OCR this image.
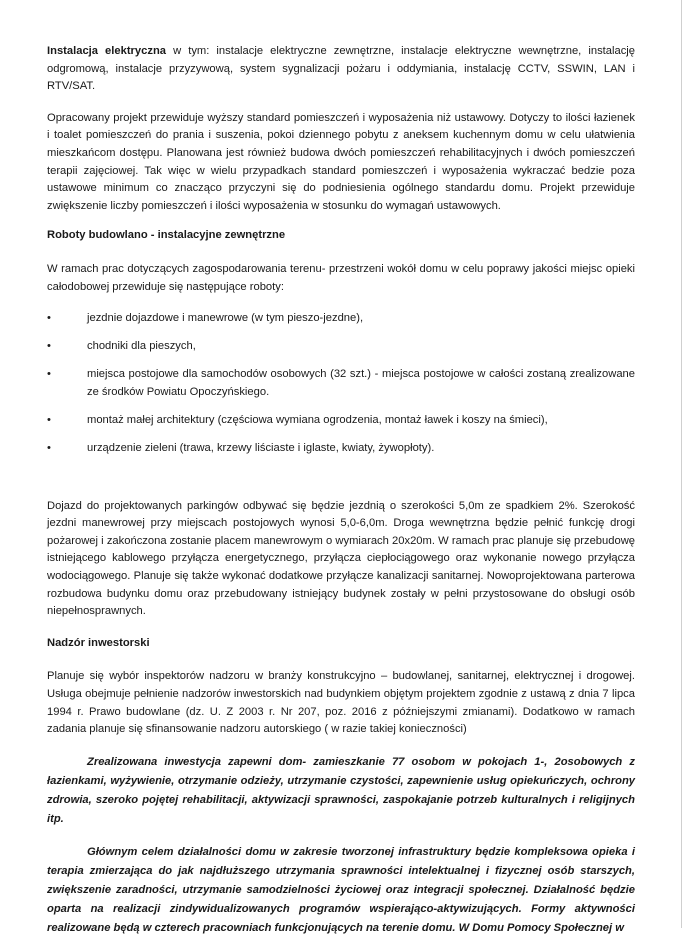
Instalacja elektryczna w tym: instalacje elektryczne zewnętrzne, instalacje elektryczne wewnętrzne, instalację odgromową, instalacje przyzywową, system sygnalizacji pożaru i oddymiania, instalację CCTV, SSWIN, LAN i RTV/SAT.

Opracowany projekt przewiduje wyższy standard pomieszczeń i wyposażenia niż ustawowy. Dotyczy to ilości łazienek i toalet pomieszczeń do prania i suszenia, pokoi dziennego pobytu z aneksem kuchennym domu w celu ułatwienia mieszkańcom dostępu. Planowana jest również budowa dwóch pomieszczeń rehabilitacyjnych i dwóch pomieszczeń terapii zajęciowej. Tak więc w wielu przypadkach standard pomieszczeń i wyposażenia wykraczać bedzie poza ustawowe minimum co znacząco przyczyni się do podniesienia ogólnego standardu domu. Projekt przewiduje zwiększenie liczby pomieszczeń i ilości wyposażenia w stosunku do wymagań ustawowych.

Roboty budowlano - instalacyjne zewnętrzne

W ramach prac dotyczących zagospodarowania terenu- przestrzeni wokół domu w celu poprawy jakości miejsc opieki całodobowej przewiduje się następujące roboty:

•	jezdnie dojazdowe i manewrowe (w tym pieszo-jezdne),
•	chodniki dla pieszych,
•	miejsca postojowe dla samochodów osobowych (32 szt.) - miejsca postojowe w całości zostaną zrealizowane ze środków Powiatu Opoczyńskiego.
•	montaż małej architektury (częściowa wymiana ogrodzenia, montaż ławek i koszy na śmieci),
•	urządzenie zieleni (trawa, krzewy liściaste i iglaste, kwiaty, żywopłoty).

Dojazd do projektowanych parkingów odbywać się będzie jezdnią o szerokości 5,0m ze spadkiem 2%. Szerokość jezdni manewrowej przy miejscach postojowych wynosi 5,0-6,0m. Droga wewnętrzna będzie pełnić funkcję drogi pożarowej i zakończona zostanie placem manewrowym o wymiarach 20x20m. W ramach prac planuje się przebudowę istniejącego kablowego przyłącza energetycznego, przyłącza ciepłociągowego oraz wykonanie nowego przyłącza wodociągowego. Planuje się także wykonać dodatkowe przyłącze kanalizacji sanitarnej. Nowoprojektowana parterowa rozbudowa budynku domu oraz przebudowany istniejący budynek zostały w pełni przystosowane do obsługi osób niepełnosprawnych.

Nadzór inwestorski

Planuje się wybór inspektorów nadzoru w branży konstrukcyjno – budowlanej, sanitarnej, elektrycznej i drogowej. Usługa obejmuje pełnienie nadzorów inwestorskich nad budynkiem objętym projektem zgodnie z ustawą z dnia 7 lipca 1994 r. Prawo budowlane (dz. U. Z 2003 r. Nr 207, poz. 2016 z późniejszymi zmianami). Dodatkowo w ramach zadania planuje się sfinansowanie nadzoru autorskiego ( w razie takiej konieczności)

Zrealizowana inwestycja zapewni dom- zamieszkanie 77 osobom w pokojach 1-, 2osobowych z łazienkami, wyżywienie, otrzymanie odzieży, utrzymanie czystości, zapewnienie usług opiekuńczych, ochrony zdrowia, szeroko pojętej rehabilitacji, aktywizacji sprawności, zaspokajanie potrzeb kulturalnych i religijnych itp.

Głównym celem działalności domu w zakresie tworzonej infrastruktury będzie kompleksowa opieka i terapia zmierzająca do jak najdłuższego utrzymania sprawności intelektualnej i fizycznej osób starszych, zwiększenie zaradności, utrzymanie samodzielności życiowej oraz integracji społecznej. Działalność będzie oparta na realizacji zindywidualizowanych programów wspierająco-aktywizujących. Formy aktywności realizowane będą w czterech pracowniach funkcjonujących na terenie domu. W Domu Pomocy Społecznej w
